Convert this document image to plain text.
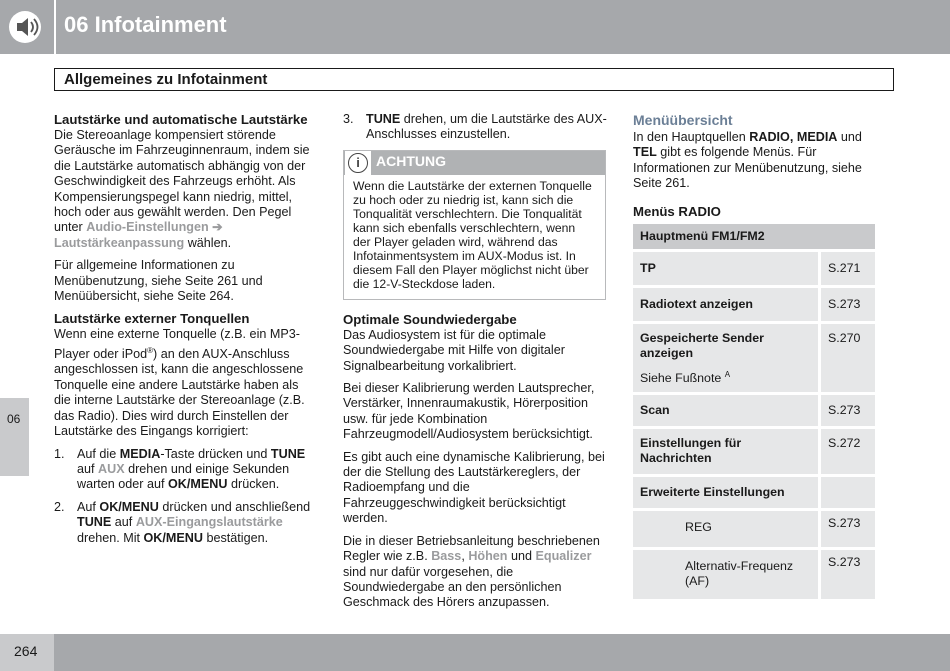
06 Infotainment
Allgemeines zu Infotainment
06
Lautstärke und automatische Lautstärke

Die Stereoanlage kompensiert störende Geräusche im Fahrzeuginnenraum, indem sie die Lautstärke automatisch abhängig von der Geschwindigkeit des Fahrzeugs erhöht. Als Kompensierungspegel kann niedrig, mittel, hoch oder aus gewählt werden. Den Pegel unter Audio-Einstellungen ➔ Lautstärkeanpassung wählen.

Für allgemeine Informationen zu Menübenutzung, siehe Seite 261 und Menüübersicht, siehe Seite 264.

Lautstärke externer Tonquellen

Wenn eine externe Tonquelle (z.B. ein MP3-Player oder iPod®) an den AUX-Anschluss angeschlossen ist, kann die angeschlossene Tonquelle eine andere Lautstärke haben als die interne Lautstärke der Stereoanlage (z.B. das Radio). Dies wird durch Einstellen der Lautstärke des Eingangs korrigiert:

1. Auf die MEDIA-Taste drücken und TUNE auf AUX drehen und einige Sekunden warten oder auf OK/MENU drücken.
2. Auf OK/MENU drücken und anschließend TUNE auf AUX-Eingangslautstärke drehen. Mit OK/MENU bestätigen.
3. TUNE drehen, um die Lautstärke des AUX-Anschlusses einzustellen.
i	ACHTUNG
Wenn die Lautstärke der externen Tonquelle zu hoch oder zu niedrig ist, kann sich die Tonqualität verschlechtern. Die Tonqualität kann sich ebenfalls verschlechtern, wenn der Player geladen wird, während das Infotainmentsystem im AUX-Modus ist. In diesem Fall den Player möglichst nicht über die 12-V-Steckdose laden.
Optimale Soundwiedergabe

Das Audiosystem ist für die optimale Soundwiedergabe mit Hilfe von digitaler Signalbearbeitung vorkalibriert.

Bei dieser Kalibrierung werden Lautsprecher, Verstärker, Innenraumakustik, Hörerposition usw. für jede Kombination Fahrzeugmodell/Audiosystem berücksichtigt.

Es gibt auch eine dynamische Kalibrierung, bei der die Stellung des Lautstärkereglers, der Radioempfang und die Fahrzeuggeschwindigkeit berücksichtigt werden.

Die in dieser Betriebsanleitung beschriebenen Regler wie z.B. Bass, Höhen und Equalizer sind nur dafür vorgesehen, die Soundwiedergabe an den persönlichen Geschmack des Hörers anzupassen.

Menüübersicht

In den Hauptquellen RADIO, MEDIA und TEL gibt es folgende Menüs. Für Informationen zur Menübenutzung, siehe Seite 261.

Menüs RADIO
Hauptmenü FM1/FM2	
TP	S.271
Radiotext anzeigen	S.273

Gespeicherte Sender anzeigen
Siehe Fußnote $^A$	S.270
Scan	S.273
Einstellungen für Nachrichten	S.272
Erweiterte Einstellungen	
REG	S.273
Alternativ-Frequenz (AF)	S.273
264
